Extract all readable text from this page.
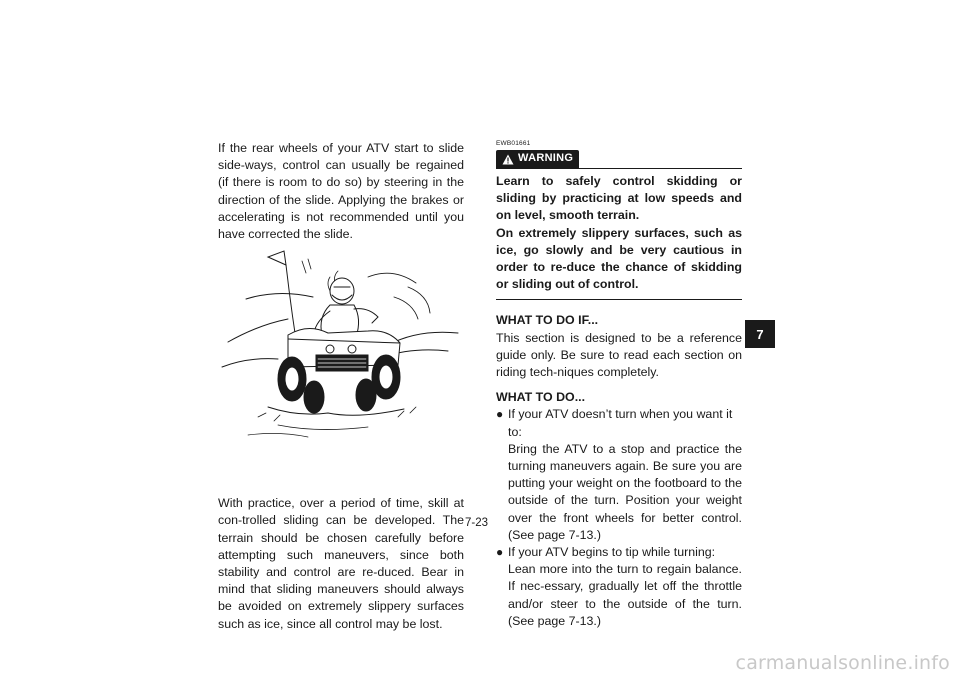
If the rear wheels of your ATV start to slide side-ways, control can usually be regained (if there is room to do so) by steering in the direction of the slide. Applying the brakes or accelerating is not recommended until you have corrected the slide.

With practice, over a period of time, skill at con-trolled sliding can be developed. The terrain should be chosen carefully before attempting such maneuvers, since both stability and control are re-duced. Bear in mind that sliding maneuvers should always be avoided on extremely slippery surfaces such as ice, since all control may be lost.

EWB01661
WARNING

Learn to safely control skidding or sliding by practicing at low speeds and on level, smooth terrain.

On extremely slippery surfaces, such as ice, go slowly and be very cautious in order to re-duce the chance of skidding or sliding out of control.

WHAT TO DO IF...

This section is designed to be a reference guide only. Be sure to read each section on riding tech-niques completely.

WHAT TO DO...

● If your ATV doesn’t turn when you want it to:
Bring the ATV to a stop and practice the turning maneuvers again. Be sure you are putting your weight on the footboard to the outside of the turn. Position your weight over the front wheels for better control. (See page 7-13.)
● If your ATV begins to tip while turning:
Lean more into the turn to regain balance. If nec-essary, gradually let off the throttle and/or steer to the outside of the turn. (See page 7-13.)
7-23
7
carmanualsonline.info
